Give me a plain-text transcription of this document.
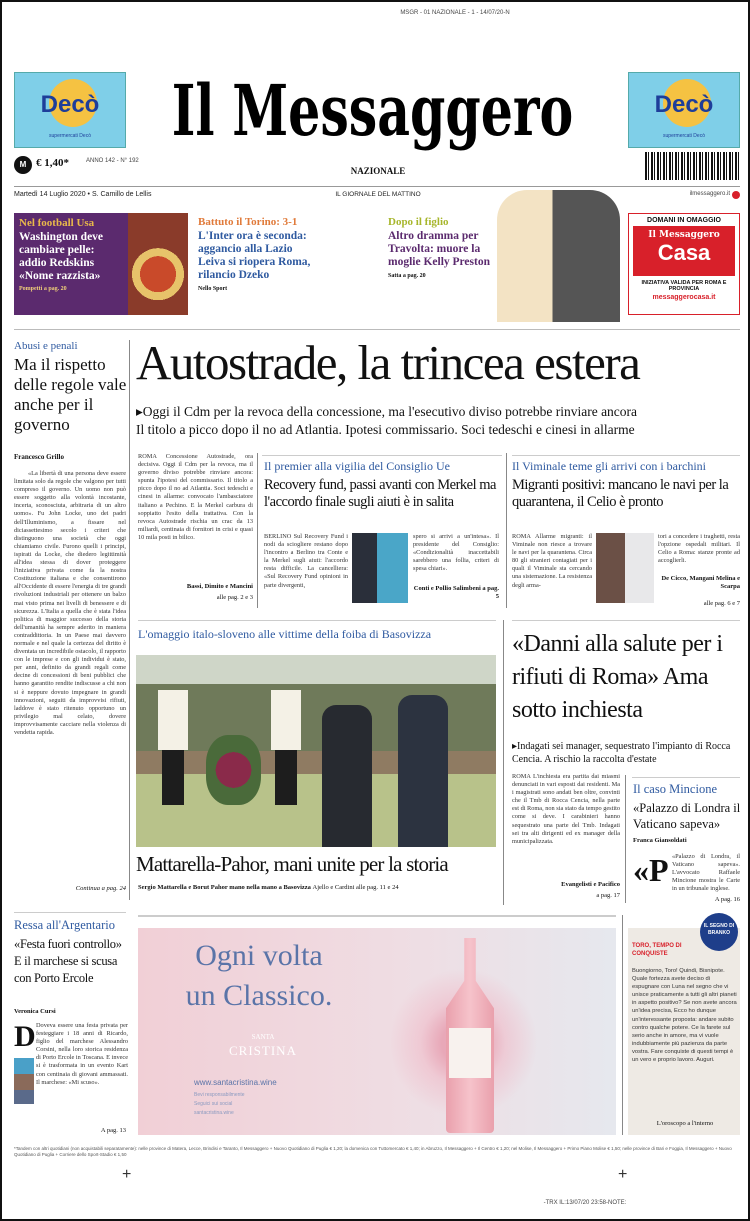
MSGR - 01 NAZIONALE - 1 - 14/07/20-N
Decò
supermercati Decò
Decò
supermercati Decò
Il Messaggero
NAZIONALE
M € 1,40*	ANNO 142 - N° 192
Martedì 14 Luglio 2020 • S. Camillo de Lellis	IL GIORNALE DEL MATTINO	ilmessaggero.it
Nel football Usa
Washington deve cambiare pelle: addio Redskins «Nome razzista»
Pompetti a pag. 20
Battuto il Torino: 3-1
L'Inter ora è seconda: aggancio alla Lazio Leiva si riopera Roma, rilancio Dzeko
Nello Sport
Dopo il figlio
Altro dramma per Travolta: muore la moglie Kelly Preston
Satta a pag. 20
DOMANI IN OMAGGIO
Il Messaggero
Casa
INIZIATIVA VALIDA PER ROMA E PROVINCIA
messaggerocasa.it
Abusi e penali
Ma il rispetto delle regole vale anche per il governo
Francesco Grillo
«La libertà di una persona deve essere limitata solo da regole che valgono per tutti compreso il governo. Un uomo non può essere soggetto alla volontà incostante, incerta, sconosciuta, arbitraria di un altro uomo». Fu John Locke, uno dei padri dell'Illuminismo, a fissare nel diciassettesimo secolo i criteri che distinguono una società che oggi chiamiamo civile. Furono quelli i principi, ispirati da Locke, che diedero legittimità all'idea stessa di dover proteggere l'iniziativa privata come fa la nostra Costituzione italiana e che consentirono all'Occidente di essere l'energia di tre grandi rivoluzioni industriali per ottenere un balzo mai visto prima nei livelli di benessere e di sicurezza. L'Italia a quella che è stata l'idea politica di maggior successo della storia dell'umanità ha sempre aderito in maniera contraddittoria. In un Paese mai davvero normale e nel quale la certezza del diritto è diventata un incredibile ostacolo, il rapporto con le imprese e con gli individui è stato, per anni, definito da grandi regali come decine di concessioni di beni pubblici che hanno garantito rendite indiscusse a chi non si è neppure dovuto impegnare in grandi innovazioni, seguiti da improvvisi rifiuti, laddove è stato ritenuto opportuno un privilegio mal celato, dovere improvvisamente cacciare nella violenza di vendetta rapida.
Continua a pag. 24
Autostrade, la trincea estera
▸Oggi il Cdm per la revoca della concessione, ma l'esecutivo diviso potrebbe rinviare ancora
Il titolo a picco dopo il no ad Atlantia. Ipotesi commissario. Soci tedeschi e cinesi in allarme
ROMA Concessione Autostrade, ora decisiva. Oggi il Cdm per la revoca, ma il governo diviso potrebbe rinviare ancora: spunta l'ipotesi del commissario. Il titolo a picco dopo il no ad Atlantia. Soci tedeschi e cinesi in allarme: convocato l'ambasciatore italiano a Pechino. E la Merkel carbura di soppiatto l'esito della trattativa. Con la revoca Autostrade rischia un crac da 13 miliardi, centinaia di fornitori in crisi e quasi 10 mila posti in bilico.
Bassi, Dimito e Mancini
alle pag. 2 e 3
Il premier alla vigilia del Consiglio Ue
Recovery fund, passi avanti con Merkel ma l'accordo finale sugli aiuti è in salita
BERLINO Sul Recovery Fund i nodi da sciogliere restano dopo l'incontro a Berlino tra Conte e la Merkel sugli aiuti: l'accordo resta difficile. La cancelliera: «Sul Recovery Fund opinioni in parte divergenti,
spero si arrivi a un'intesa». Il presidente del Consiglio: «Condizionalità inaccettabili sarebbero una follia, criteri di spesa chiari».
Conti e Pollio Salimbeni a pag. 5
Il Viminale teme gli arrivi con i barchini
Migranti positivi: mancano le navi per la quarantena, il Celio è pronto
ROMA Allarme migranti: il Viminale non riesce a trovare le navi per la quarantena. Circa 80 gli stranieri contagiati per i quali il Viminale sta cercando una sistemazione. La resistenza degli arma-
tori a concedere i traghetti, resta l'opzione ospedali militari. Il Celio a Roma: stanze pronte ad accoglierli.
De Cicco, Mangani Melina e Scarpa
alle pag. 6 e 7
L'omaggio italo-sloveno alle vittime della foiba di Basovizza
Mattarella-Pahor, mani unite per la storia
Sergio Mattarella e Borut Pahor mano nella mano a Basovizza Ajello e Cardini alle pag. 11 e 24
«Danni alla salute per i rifiuti di Roma» Ama sotto inchiesta
▸Indagati sei manager, sequestrato l'impianto di Rocca Cencia. A rischio la raccolta d'estate
ROMA L'inchiesta era partita dai miasmi denunciati in vari esposti dai residenti. Ma i magistrati sono andati ben oltre, convinti che il Tmb di Rocca Cencia, nella parte est di Roma, non sia stato da tempo gestito come si deve. I carabinieri hanno sequestrato una parte del Tmb. Indagati sei tra alti dirigenti ed ex manager della municipalizzata.
Evangelisti e Pacifico
a pag. 17
Il caso Mincione
«Palazzo di Londra il Vaticano sapeva»
Franca Giansoldati
«P «Palazzo di Londra, il Vaticano sapeva». L'avvocato Raffaele Mincione mostra le Carte in un tribunale inglese.
A pag. 16
Ressa all'Argentario
«Festa fuori controllo» E il marchese si scusa con Porto Ercole
Veronica Cursi
D Doveva essere una festa privata per festeggiare i 18 anni di Ricardo, figlio del marchese Alessandro Corsini, nella loro storica residenza di Porto Ercole in Toscana. E invece si è trasformata in un evento Kart con centinaia di giovani ammassati. Il marchese: «Mi scuso».
A pag. 13
Ogni volta
un Classico.
SANTA
CRISTINA
www.santacristina.wine
Bevi responsabilmente
Seguici sui social
santacristina.wine
IL SEGNO DI BRANKO
TORO, TEMPO DI CONQUISTE
Buongiorno, Toro! Quindi, Bisnipote. Quale fortezza avete deciso di espugnare con Luna nel segno che vi unisce praticamente a tutti gli altri pianeti in aspetto positivo? Se non avete ancora un'idea precisa, Ecco ho dunque un'interessante proposta: andare subito contro qualche potere. Ce la farete sul serio anche in amore, ma vi vuole indubbiamente più pazienza da parte vostra. Fare conquiste di questi tempi è un vero e proprio lavoro. Auguri.
L'oroscopo a l'interno
*Tandem con altri quotidiani (non acquistabili separatamente): nelle province di Matera, Lecce, Brindisi e Taranto, Il Messaggero + Nuovo Quotidiano di Puglia € 1,20; la domenica con Tuttomercato € 1,40; in Abruzzo, Il Messaggero + Il Centro € 1,20; nel Molise, Il Messaggero + Primo Piano Molise € 1,50; nelle province di Bari e Foggia, Il Messaggero + Nuovo Quotidiano di Puglia + Corriere dello Sport-Stadio € 1,50
+	+
-TRX IL:13/07/20 23:58-NOTE:
